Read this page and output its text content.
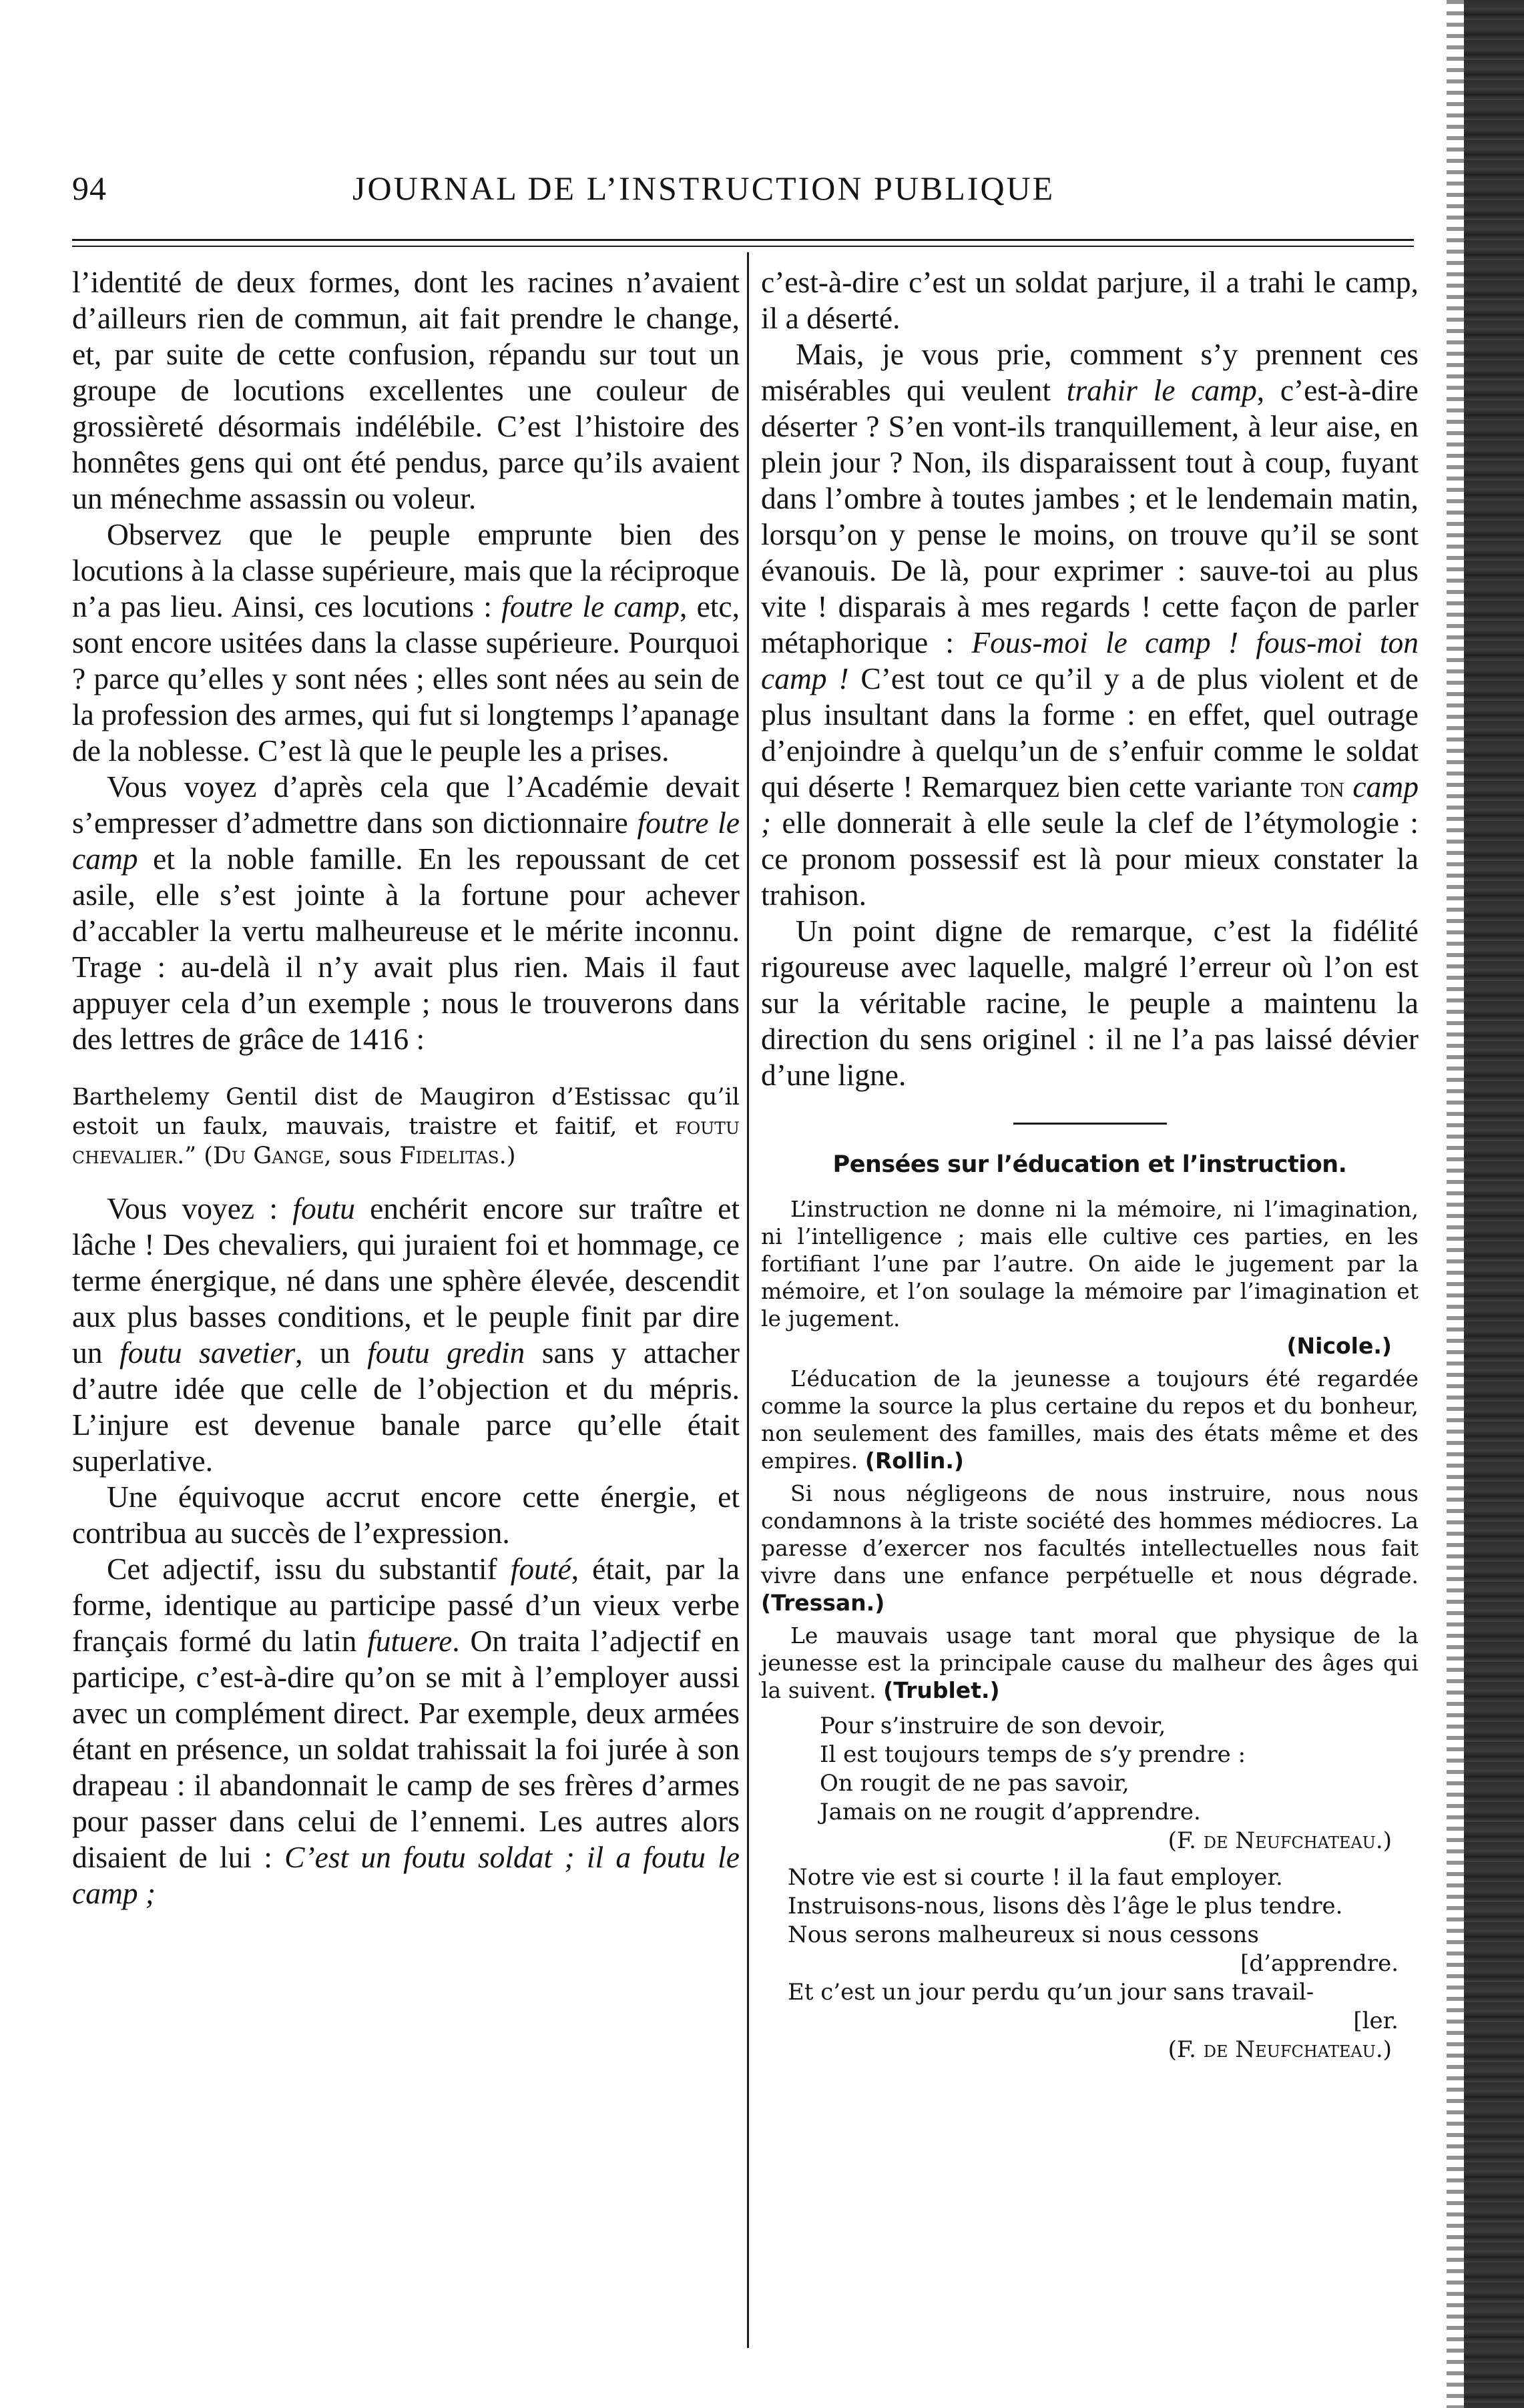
94	JOURNAL DE L’INSTRUCTION PUBLIQUE

l’identité de deux formes, dont les racines n’avaient d’ailleurs rien de commun, ait fait prendre le change, et, par suite de cette confusion, répandu sur tout un groupe de locutions excellentes une couleur de grossièreté désormais indélébile. C’est l’histoire des honnêtes gens qui ont été pendus, parce qu’ils avaient un ménechme assassin ou voleur.

Observez que le peuple emprunte bien des locutions à la classe supérieure, mais que la réciproque n’a pas lieu. Ainsi, ces locutions : foutre le camp, etc, sont encore usitées dans la classe supérieure. Pourquoi ? parce qu’elles y sont nées ; elles sont nées au sein de la profession des armes, qui fut si longtemps l’apanage de la noblesse. C’est là que le peuple les a prises.

Vous voyez d’après cela que l’Académie devait s’empresser d’admettre dans son dictionnaire foutre le camp et la noble famille. En les repoussant de cet asile, elle s’est jointe à la fortune pour achever d’accabler la vertu malheureuse et le mérite inconnu. Trage : au-delà il n’y avait plus rien. Mais il faut appuyer cela d’un exemple ; nous le trouverons dans des lettres de grâce de 1416 :

Barthelemy Gentil dist de Maugiron d’Estissac qu’il estoit un faulx, mauvais, traistre et faitif, et foutu chevalier.” (Du Gange, sous Fidelitas.)

Vous voyez : foutu enchérit encore sur traître et lâche ! Des chevaliers, qui juraient foi et hommage, ce terme énergique, né dans une sphère élevée, descendit aux plus basses conditions, et le peuple finit par dire un foutu savetier, un foutu gredin sans y attacher d’autre idée que celle de l’objection et du mépris. L’injure est devenue banale parce qu’elle était superlative.

Une équivoque accrut encore cette énergie, et contribua au succès de l’expression.

Cet adjectif, issu du substantif fouté, était, par la forme, identique au participe passé d’un vieux verbe français formé du latin futuere. On traita l’adjectif en participe, c’est-à-dire qu’on se mit à l’employer aussi avec un complément direct. Par exemple, deux armées étant en présence, un soldat trahissait la foi jurée à son drapeau : il abandonnait le camp de ses frères d’armes pour passer dans celui de l’ennemi. Les autres alors disaient de lui : C’est un foutu soldat ; il a foutu le camp ;

c’est-à-dire c’est un soldat parjure, il a trahi le camp, il a déserté.

Mais, je vous prie, comment s’y prennent ces misérables qui veulent trahir le camp, c’est-à-dire déserter ? S’en vont-ils tranquillement, à leur aise, en plein jour ? Non, ils disparaissent tout à coup, fuyant dans l’ombre à toutes jambes ; et le lendemain matin, lorsqu’on y pense le moins, on trouve qu’il se sont évanouis. De là, pour exprimer : sauve-toi au plus vite ! disparais à mes regards ! cette façon de parler métaphorique : Fous-moi le camp ! fous-moi ton camp ! C’est tout ce qu’il y a de plus violent et de plus insultant dans la forme : en effet, quel outrage d’enjoindre à quelqu’un de s’enfuir comme le soldat qui déserte ! Remarquez bien cette variante ton camp ; elle donnerait à elle seule la clef de l’étymologie : ce pronom possessif est là pour mieux constater la trahison.

Un point digne de remarque, c’est la fidélité rigoureuse avec laquelle, malgré l’erreur où l’on est sur la véritable racine, le peuple a maintenu la direction du sens originel : il ne l’a pas laissé dévier d’une ligne.

Pensées sur l’éducation et l’instruction.

L’instruction ne donne ni la mémoire, ni l’imagination, ni l’intelligence ; mais elle cultive ces parties, en les fortifiant l’une par l’autre. On aide le jugement par la mémoire, et l’on soulage la mémoire par l’imagination et le jugement.
(Nicole.)

L’éducation de la jeunesse a toujours été regardée comme la source la plus certaine du repos et du bonheur, non seulement des familles, mais des états même et des empires. (Rollin.)

Si nous négligeons de nous instruire, nous nous condamnons à la triste société des hommes médiocres. La paresse d’exercer nos facultés intellectuelles nous fait vivre dans une enfance perpétuelle et nous dégrade. (Tressan.)

Le mauvais usage tant moral que physique de la jeunesse est la principale cause du malheur des âges qui la suivent. (Trublet.)

Pour s’instruire de son devoir,
Il est toujours temps de s’y prendre :
On rougit de ne pas savoir,
Jamais on ne rougit d’apprendre.
(F. de Neufchateau.)
Notre vie est si courte ! il la faut employer.
Instruisons-nous, lisons dès l’âge le plus tendre.
Nous serons malheureux si nous cessons
[d’apprendre.
Et c’est un jour perdu qu’un jour sans travail-
[ler.
(F. de Neufchateau.)
